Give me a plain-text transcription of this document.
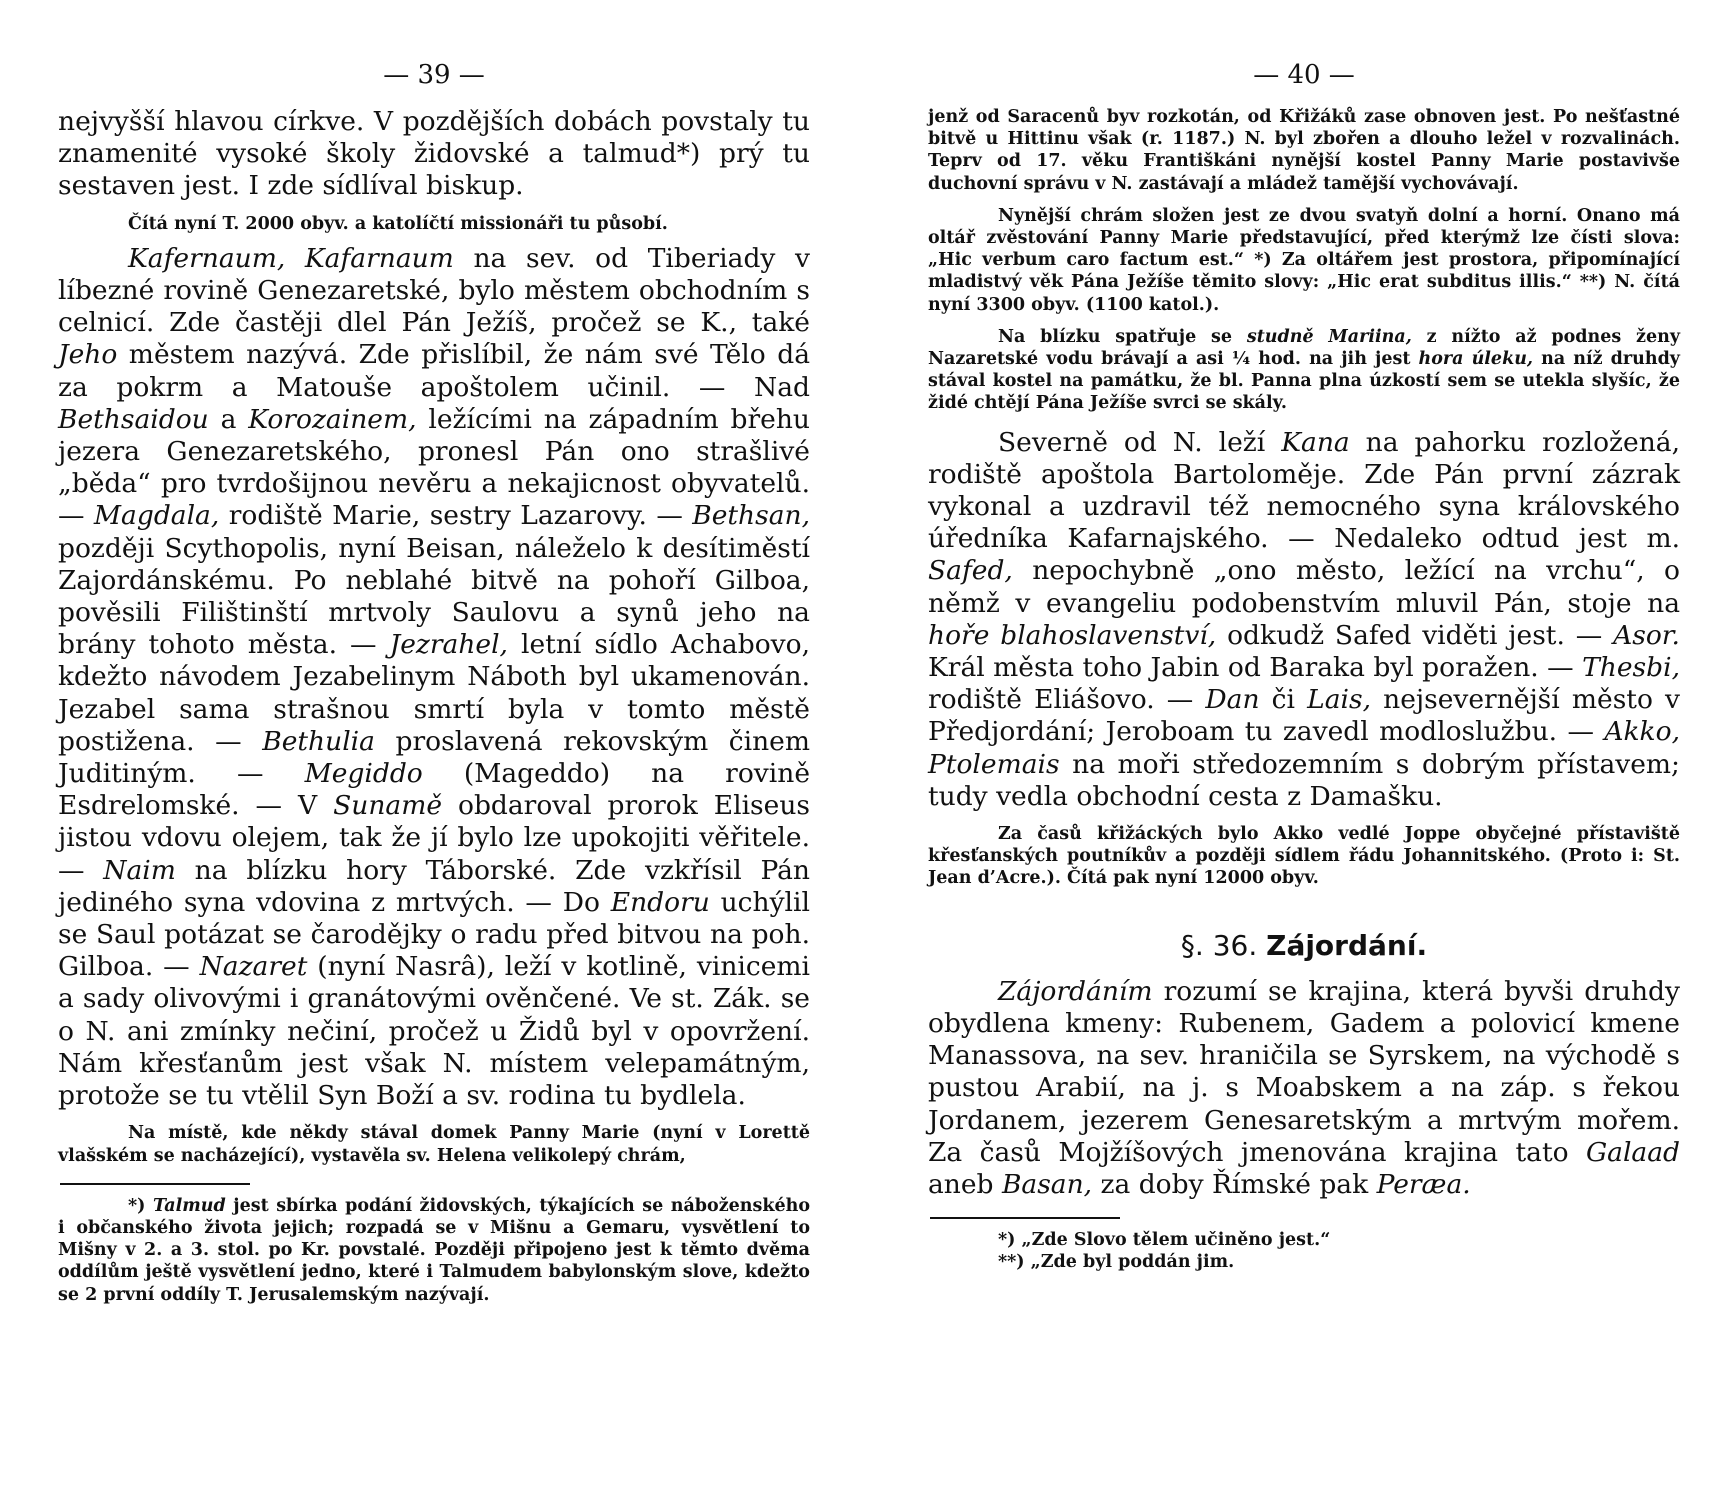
— 39 —

nejvyšší hlavou církve. V pozdějších dobách povstaly tu znamenité vysoké školy židovské a talmud*) prý tu sestaven jest. I zde sídlíval biskup.

Čítá nyní T. 2000 obyv. a katolíčtí missionáři tu působí.

Kafernaum, Kafarnaum na sev. od Tiberiady v líbezné rovině Genezaretské, bylo městem obchodním s celnicí. Zde častěji dlel Pán Ježíš, pročež se K., také Jeho městem nazývá. Zde přislíbil, že nám své Tělo dá za pokrm a Matouše apoštolem učinil. — Nad Bethsaidou a Korozainem, ležícími na západním břehu jezera Genezaretského, pronesl Pán ono strašlivé „běda“ pro tvrdošijnou nevěru a nekajicnost obyvatelů. — Magdala, rodiště Marie, sestry Lazarovy. — Bethsan, později Scythopolis, nyní Beisan, náleželo k desítiměstí Zajordánskému. Po neblahé bitvě na pohoří Gilboa, pověsili Filištinští mrtvoly Saulovu a synů jeho na brány tohoto města. — Jezrahel, letní sídlo Achabovo, kdežto návodem Jezabelinym Náboth byl ukamenován. Jezabel sama strašnou smrtí byla v tomto městě postižena. — Bethulia proslavená rekovským činem Juditiným. — Megiddo (Mageddo) na rovině Esdrelomské. — V Sunamě obdaroval prorok Eliseus jistou vdovu olejem, tak že jí bylo lze upokojiti věřitele. — Naim na blízku hory Táborské. Zde vzkřísil Pán jediného syna vdovina z mrtvých. — Do Endoru uchýlil se Saul potázat se čarodějky o radu před bitvou na poh. Gilboa. — Nazaret (nyní Nasrâ), leží v kotlině, vinicemi a sady olivovými i granátovými ověnčené. Ve st. Zák. se o N. ani zmínky nečiní, pročež u Židů byl v opovržení. Nám křesťanům jest však N. místem velepamátným, protože se tu vtělil Syn Boží a sv. rodina tu bydlela.

Na místě, kde někdy stával domek Panny Marie (nyní v Lorettě vlašském se nacházející), vystavěla sv. Helena velikolepý chrám,

*) Talmud jest sbírka podání židovských, týkajících se náboženského i občanského života jejich; rozpadá se v Mišnu a Gemaru, vysvětlení to Mišny v 2. a 3. stol. po Kr. povstalé. Později připojeno jest k těmto dvěma oddílům ještě vysvětlení jedno, které i Talmudem babylonským slove, kdežto se 2 první oddíly T. Jerusalemským nazývají.

— 40 —

jenž od Saracenů byv rozkotán, od Křižáků zase obnoven jest. Po nešťastné bitvě u Hittinu však (r. 1187.) N. byl zbořen a dlouho ležel v rozvalinách. Teprv od 17. věku Františkáni nynější kostel Panny Marie postavivše duchovní správu v N. zastávají a mládež tamější vychovávají.

Nynější chrám složen jest ze dvou svatyň dolní a horní. Onano má oltář zvěstování Panny Marie představující, před kterýmž lze čísti slova: „Hic verbum caro factum est.“ *) Za oltářem jest prostora, připomínající mladistvý věk Pána Ježíše těmito slovy: „Hic erat subditus illis.“ **) N. čítá nyní 3300 obyv. (1100 katol.).

Na blízku spatřuje se studně Mariina, z nížto až podnes ženy Nazaretské vodu brávají a asi ¼ hod. na jih jest hora úleku, na níž druhdy stával kostel na památku, že bl. Panna plna úzkostí sem se utekla slyšíc, že židé chtějí Pána Ježíše svrci se skály.

Severně od N. leží Kana na pahorku rozložená, rodiště apoštola Bartoloměje. Zde Pán první zázrak vykonal a uzdravil též nemocného syna královského úředníka Kafarnajského. — Nedaleko odtud jest m. Safed, nepochybně „ono město, ležící na vrchu“, o němž v evangeliu podobenstvím mluvil Pán, stoje na hoře blahoslavenství, odkudž Safed viděti jest. — Asor. Král města toho Jabin od Baraka byl poražen. — Thesbi, rodiště Eliášovo. — Dan či Lais, nejsevernější město v Předjordání; Jeroboam tu zavedl modloslužbu. — Akko, Ptolemais na moři středozemním s dobrým přístavem; tudy vedla obchodní cesta z Damašku.

Za časů křižáckých bylo Akko vedlé Joppe obyčejné přístaviště křesťanských poutníkův a později sídlem řádu Johannitského. (Proto i: St. Jean d’Acre.). Čítá pak nyní 12000 obyv.

§. 36. Zájordání.

Zájordáním rozumí se krajina, která byvši druhdy obydlena kmeny: Rubenem, Gadem a polovicí kmene Manassova, na sev. hraničila se Syrskem, na východě s pustou Arabií, na j. s Moabskem a na záp. s řekou Jordanem, jezerem Genesaretským a mrtvým mořem. Za časů Mojžíšových jmenována krajina tato Galaad aneb Basan, za doby Římské pak Peræa.

*) „Zde Slovo tělem učiněno jest.“

**) „Zde byl poddán jim.
